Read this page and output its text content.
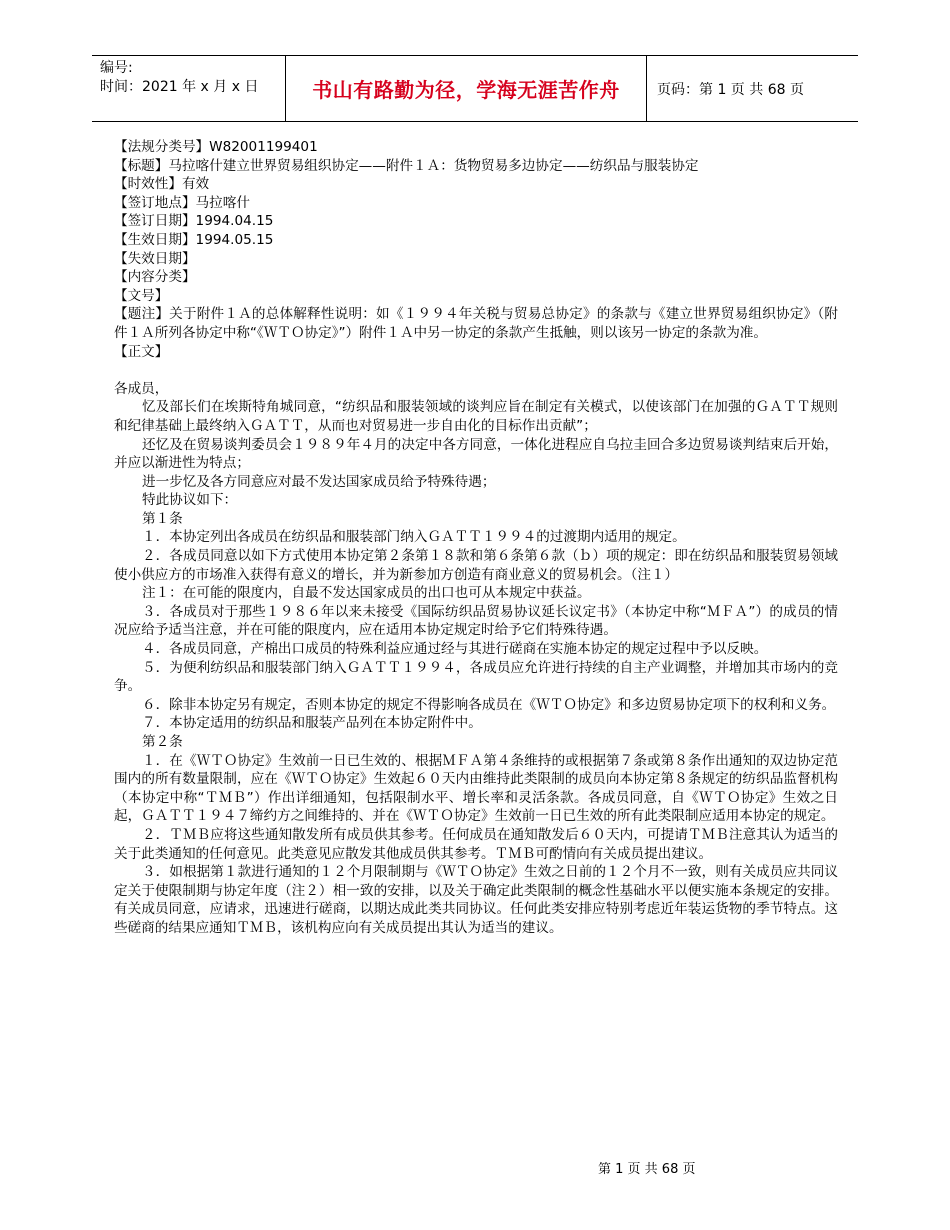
编号:
时间：2021 年 x 月 x 日	书山有路勤为径，学海无涯苦作舟	页码：第 1 页 共 68 页

【法规分类号】W82001199401

【标题】马拉喀什建立世界贸易组织协定——附件１Ａ：货物贸易多边协定——纺织品与服装协定

【时效性】有效

【签订地点】马拉喀什

【签订日期】1994.04.15

【生效日期】1994.05.15

【失效日期】

【内容分类】

【文号】

【题注】关于附件１Ａ的总体解释性说明：如《１９９４年关税与贸易总协定》的条款与《建立世界贸易组织协定》（附件１Ａ所列各协定中称“《ＷＴＯ协定》”）附件１Ａ中另一协定的条款产生抵触，则以该另一协定的条款为准。

【正文】

各成员，

忆及部长们在埃斯特角城同意，“纺织品和服装领域的谈判应旨在制定有关模式，以使该部门在加强的ＧＡＴＴ规则和纪律基础上最终纳入ＧＡＴＴ，从而也对贸易进一步自由化的目标作出贡献”；

还忆及在贸易谈判委员会１９８９年４月的决定中各方同意，一体化进程应自乌拉圭回合多边贸易谈判结束后开始，并应以渐进性为特点；

进一步忆及各方同意应对最不发达国家成员给予特殊待遇；

特此协议如下：

第１条

１．本协定列出各成员在纺织品和服装部门纳入ＧＡＴＴ１９９４的过渡期内适用的规定。

２．各成员同意以如下方式使用本协定第２条第１８款和第６条第６款（ｂ）项的规定：即在纺织品和服装贸易领域使小供应方的市场准入获得有意义的增长，并为新参加方创造有商业意义的贸易机会。（注１）

注１：在可能的限度内，自最不发达国家成员的出口也可从本规定中获益。

３．各成员对于那些１９８６年以来未接受《国际纺织品贸易协议延长议定书》（本协定中称“ＭＦＡ”）的成员的情况应给予适当注意，并在可能的限度内，应在适用本协定规定时给予它们特殊待遇。

４．各成员同意，产棉出口成员的特殊利益应通过经与其进行磋商在实施本协定的规定过程中予以反映。

５．为便利纺织品和服装部门纳入ＧＡＴＴ１９９４，各成员应允许进行持续的自主产业调整，并增加其市场内的竞争。

６．除非本协定另有规定，否则本协定的规定不得影响各成员在《ＷＴＯ协定》和多边贸易协定项下的权利和义务。

７．本协定适用的纺织品和服装产品列在本协定附件中。

第２条

１．在《ＷＴＯ协定》生效前一日已生效的、根据ＭＦＡ第４条维持的或根据第７条或第８条作出通知的双边协定范围内的所有数量限制，应在《ＷＴＯ协定》生效起６０天内由维持此类限制的成员向本协定第８条规定的纺织品监督机构（本协定中称“ＴＭＢ”）作出详细通知，包括限制水平、增长率和灵活条款。各成员同意，自《ＷＴＯ协定》生效之日起，ＧＡＴＴ１９４７缔约方之间维持的、并在《ＷＴＯ协定》生效前一日已生效的所有此类限制应适用本协定的规定。

２．ＴＭＢ应将这些通知散发所有成员供其参考。任何成员在通知散发后６０天内，可提请ＴＭＢ注意其认为适当的关于此类通知的任何意见。此类意见应散发其他成员供其参考。ＴＭＢ可酌情向有关成员提出建议。

３．如根据第１款进行通知的１２个月限制期与《ＷＴＯ协定》生效之日前的１２个月不一致，则有关成员应共同议定关于使限制期与协定年度（注２）相一致的安排，以及关于确定此类限制的概念性基础水平以便实施本条规定的安排。有关成员同意，应请求，迅速进行磋商，以期达成此类共同协议。任何此类安排应特别考虑近年装运货物的季节特点。这些磋商的结果应通知ＴＭＢ，该机构应向有关成员提出其认为适当的建议。

第 1 页 共 68 页
